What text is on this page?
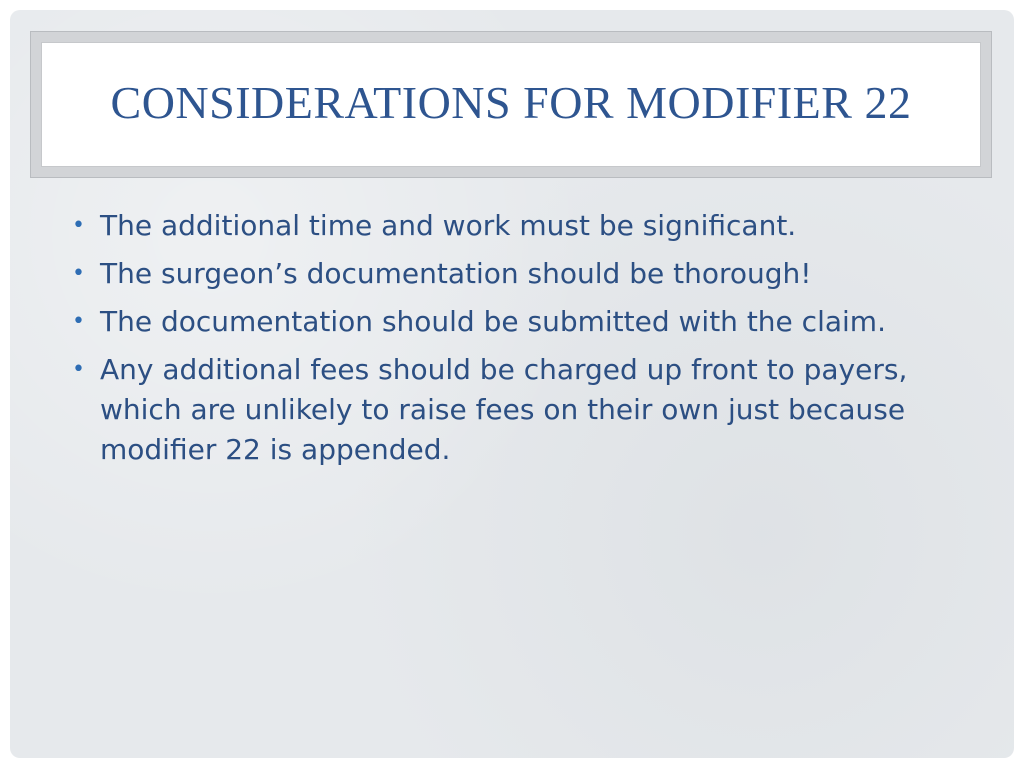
CONSIDERATIONS FOR MODIFIER 22
• The additional time and work must be significant.
• The surgeon’s documentation should be thorough!
• The documentation should be submitted with the claim.
• Any additional fees should be charged up front to payers, which are unlikely to raise fees on their own just because modifier 22 is appended.
